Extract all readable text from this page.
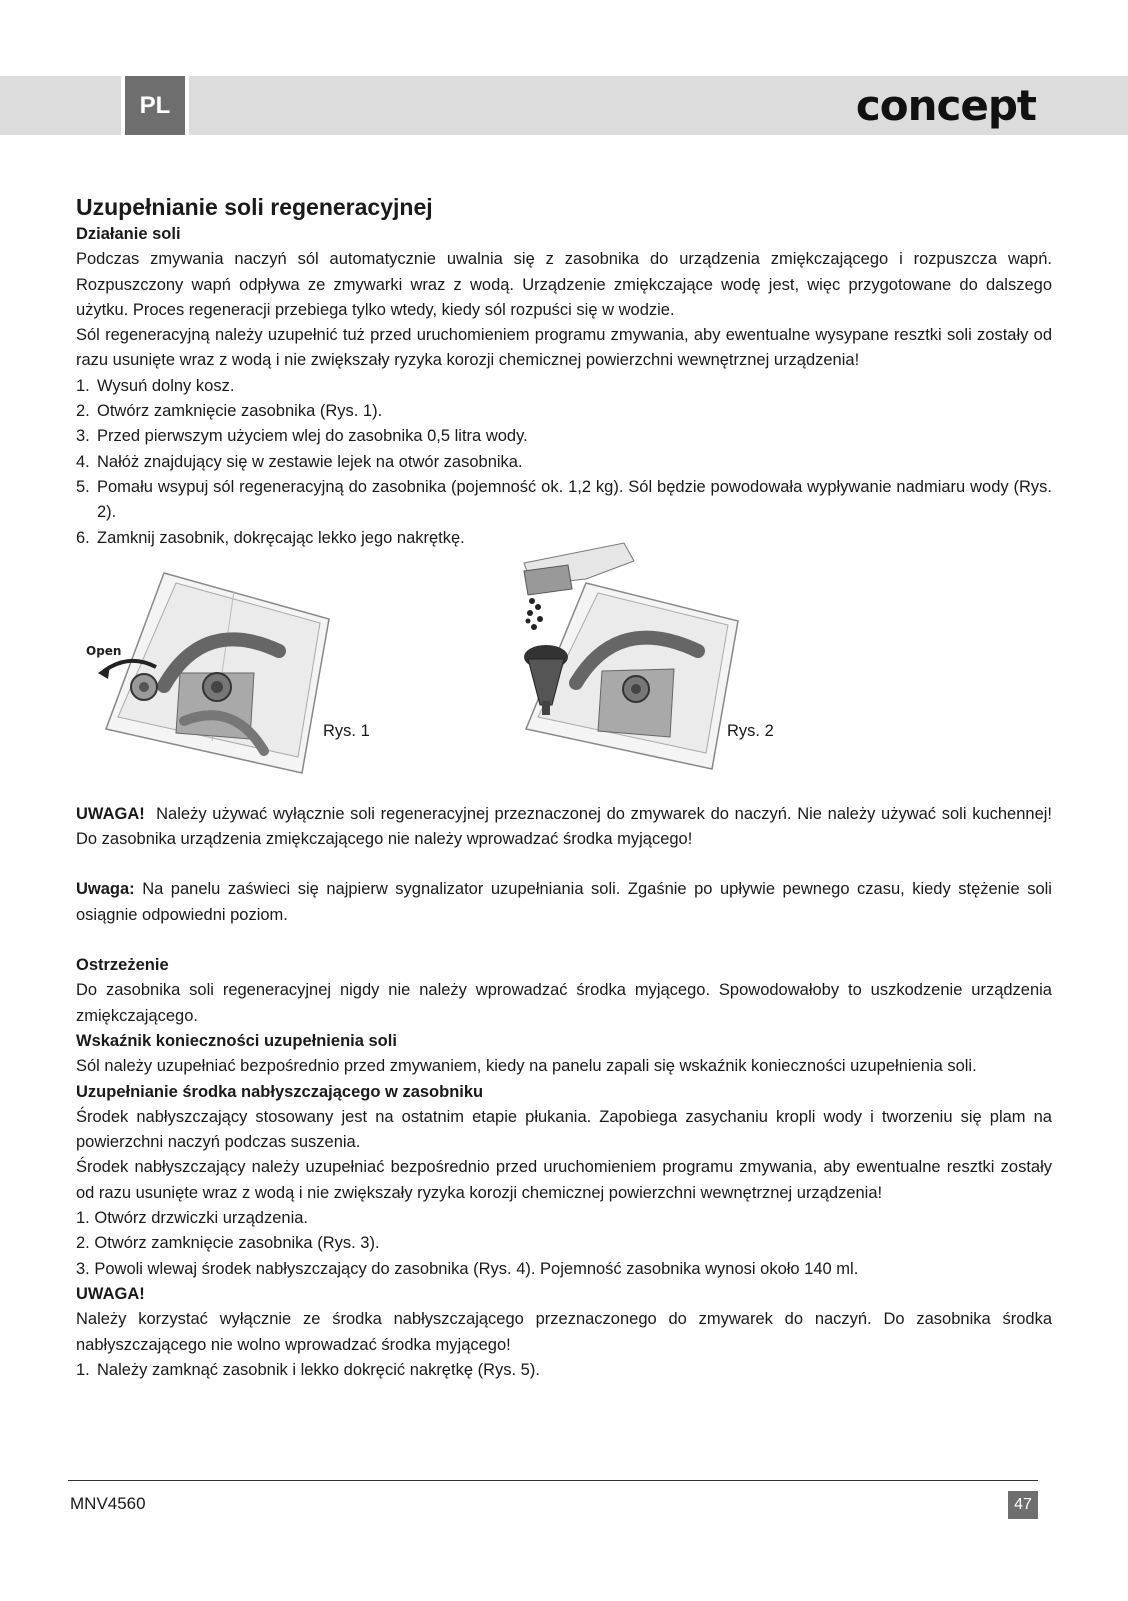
PL	concept

Uzupełnianie soli regeneracyjnej

Działanie soli

Podczas zmywania naczyń sól automatycznie uwalnia się z zasobnika do urządzenia zmiękczającego i rozpuszcza wapń. Rozpuszczony wapń odpływa ze zmywarki wraz z wodą. Urządzenie zmiękczające wodę jest, więc przygotowane do dalszego użytku. Proces regeneracji przebiega tylko wtedy, kiedy sól rozpuści się w wodzie.

Sól regeneracyjną należy uzupełnić tuż przed uruchomieniem programu zmywania, aby ewentualne wysypane resztki soli zostały od razu usunięte wraz z wodą i nie zwiększały ryzyka korozji chemicznej powierzchni wewnętrznej urządzenia!

1. Wysuń dolny kosz.
2. Otwórz zamknięcie zasobnika (Rys. 1).
3. Przed pierwszym użyciem wlej do zasobnika 0,5 litra wody.
4. Nałóż znajdujący się w zestawie lejek na otwór zasobnika.
5. Pomału wsypuj sól regeneracyjną do zasobnika (pojemność ok. 1,2 kg). Sól będzie powodowała wypływanie nadmiaru wody (Rys. 2).
6. Zamknij zasobnik, dokręcając lekko jego nakrętkę.
Open
Rys. 1	Rys. 2

UWAGA! Należy używać wyłącznie soli regeneracyjnej przeznaczonej do zmywarek do naczyń. Nie należy używać soli kuchennej! Do zasobnika urządzenia zmiękczającego nie należy wprowadzać środka myjącego!

Uwaga: Na panelu zaświeci się najpierw sygnalizator uzupełniania soli. Zgaśnie po upływie pewnego czasu, kiedy stężenie soli osiągnie odpowiedni poziom.

Ostrzeżenie

Do zasobnika soli regeneracyjnej nigdy nie należy wprowadzać środka myjącego. Spowodowałoby to uszkodzenie urządzenia zmiękczającego.

Wskaźnik konieczności uzupełnienia soli

Sól należy uzupełniać bezpośrednio przed zmywaniem, kiedy na panelu zapali się wskaźnik konieczności uzupełnienia soli.

Uzupełnianie środka nabłyszczającego w zasobniku

Środek nabłyszczający stosowany jest na ostatnim etapie płukania. Zapobiega zasychaniu kropli wody i tworzeniu się plam na powierzchni naczyń podczas suszenia.

Środek nabłyszczający należy uzupełniać bezpośrednio przed uruchomieniem programu zmywania, aby ewentualne resztki zostały od razu usunięte wraz z wodą i nie zwiększały ryzyka korozji chemicznej powierzchni wewnętrznej urządzenia!

1. Otwórz drzwiczki urządzenia.
2. Otwórz zamknięcie zasobnika (Rys. 3).
3. Powoli wlewaj środek nabłyszczający do zasobnika (Rys. 4). Pojemność zasobnika wynosi około 140 ml.

UWAGA!

Należy korzystać wyłącznie ze środka nabłyszczającego przeznaczonego do zmywarek do naczyń. Do zasobnika środka nabłyszczającego nie wolno wprowadzać środka myjącego!

1. Należy zamknąć zasobnik i lekko dokręcić nakrętkę (Rys. 5).
MNV4560	47
